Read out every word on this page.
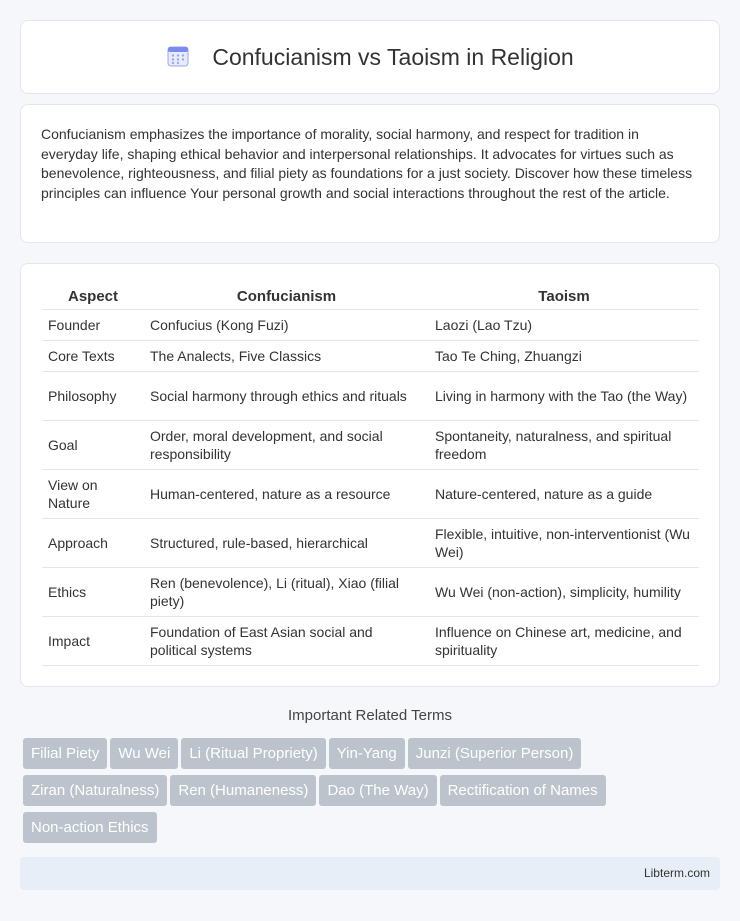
Confucianism vs Taoism in Religion

Confucianism emphasizes the importance of morality, social harmony, and respect for tradition in everyday life, shaping ethical behavior and interpersonal relationships. It advocates for virtues such as benevolence, righteousness, and filial piety as foundations for a just society. Discover how these timeless principles can influence Your personal growth and social interactions throughout the rest of the article.

Aspect	Confucianism	Taoism
Founder	Confucius (Kong Fuzi)	Laozi (Lao Tzu)
Core Texts	The Analects, Five Classics	Tao Te Ching, Zhuangzi
Philosophy	Social harmony through ethics and rituals	Living in harmony with the Tao (the Way)
Goal	Order, moral development, and social responsibility	Spontaneity, naturalness, and spiritual freedom
View on Nature	Human-centered, nature as a resource	Nature-centered, nature as a guide
Approach	Structured, rule-based, hierarchical	Flexible, intuitive, non-interventionist (Wu Wei)
Ethics	Ren (benevolence), Li (ritual), Xiao (filial piety)	Wu Wei (non-action), simplicity, humility
Impact	Foundation of East Asian social and political systems	Influence on Chinese art, medicine, and spirituality
Important Related Terms
Filial Piety Wu Wei Li (Ritual Propriety) Yin-Yang Junzi (Superior Person)
Ziran (Naturalness) Ren (Humaneness) Dao (The Way) Rectification of Names
Non-action Ethics
Libterm.com
